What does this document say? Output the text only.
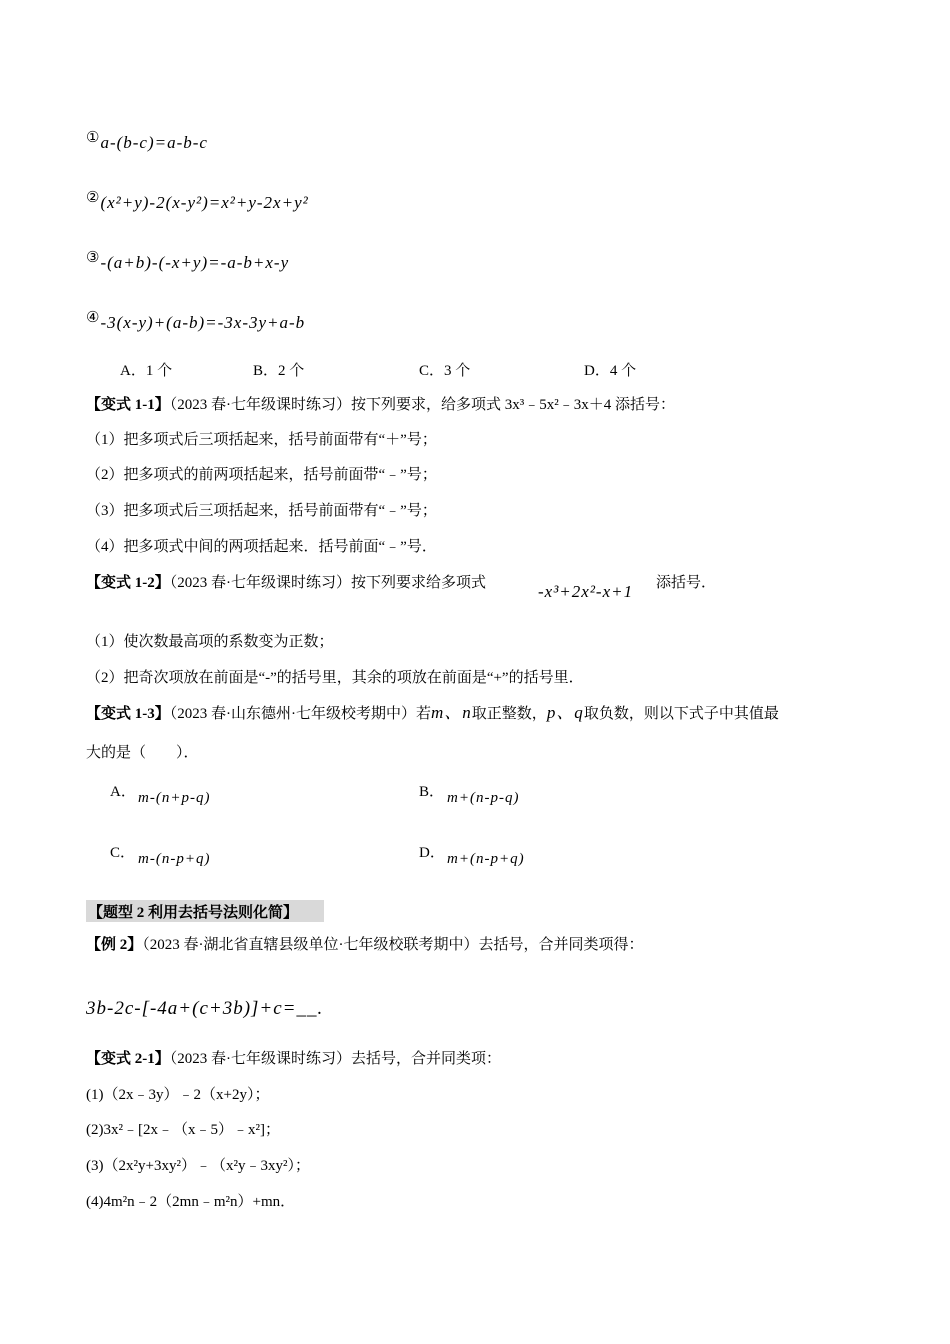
①a-(b-c)=a-b-c
②(x²+y)-2(x-y²)=x²+y-2x+y²
③-(a+b)-(-x+y)=-a-b+x-y
④-3(x-y)+(a-b)=-3x-3y+a-b
A．1 个	B．2 个	C．3 个	D．4 个
【变式 1-1】（2023 春·七年级课时练习）按下列要求，给多项式 3x³﹣5x²﹣3x＋4 添括号：
（1）把多项式后三项括起来，括号前面带有“＋”号；
（2）把多项式的前两项括起来，括号前面带“﹣”号；
（3）把多项式后三项括起来，括号前面带有“﹣”号；
（4）把多项式中间的两项括起来．括号前面“﹣”号．
【变式 1-2】（2023 春·七年级课时练习）按下列要求给多项式	-x³+2x²-x+1 添括号．
（1）使次数最高项的系数变为正数；
（2）把奇次项放在前面是“-”的括号里，其余的项放在前面是“+”的括号里．
【变式 1-3】（2023 春·山东德州·七年级校考期中）若m、n取正整数，p、q取负数，则以下式子中其值最
大的是（　　）．
A． m-(n+p-q)	B． m+(n-p-q)
C． m-(n-p+q)	D． m+(n-p+q)
【题型 2 利用去括号法则化简】
【例 2】（2023 春·湖北省直辖县级单位·七年级校联考期中）去括号，合并同类项得：
3b-2c-[-4a+(c+3b)]+c=__.
【变式 2-1】（2023 春·七年级课时练习）去括号，合并同类项：
(1)（2x﹣3y）﹣2（x+2y）；
(2)3x²﹣[2x﹣（x﹣5）﹣x²]；
(3)（2x²y+3xy²）﹣（x²y﹣3xy²）；
(4)4m²n﹣2（2mn﹣m²n）+mn．
